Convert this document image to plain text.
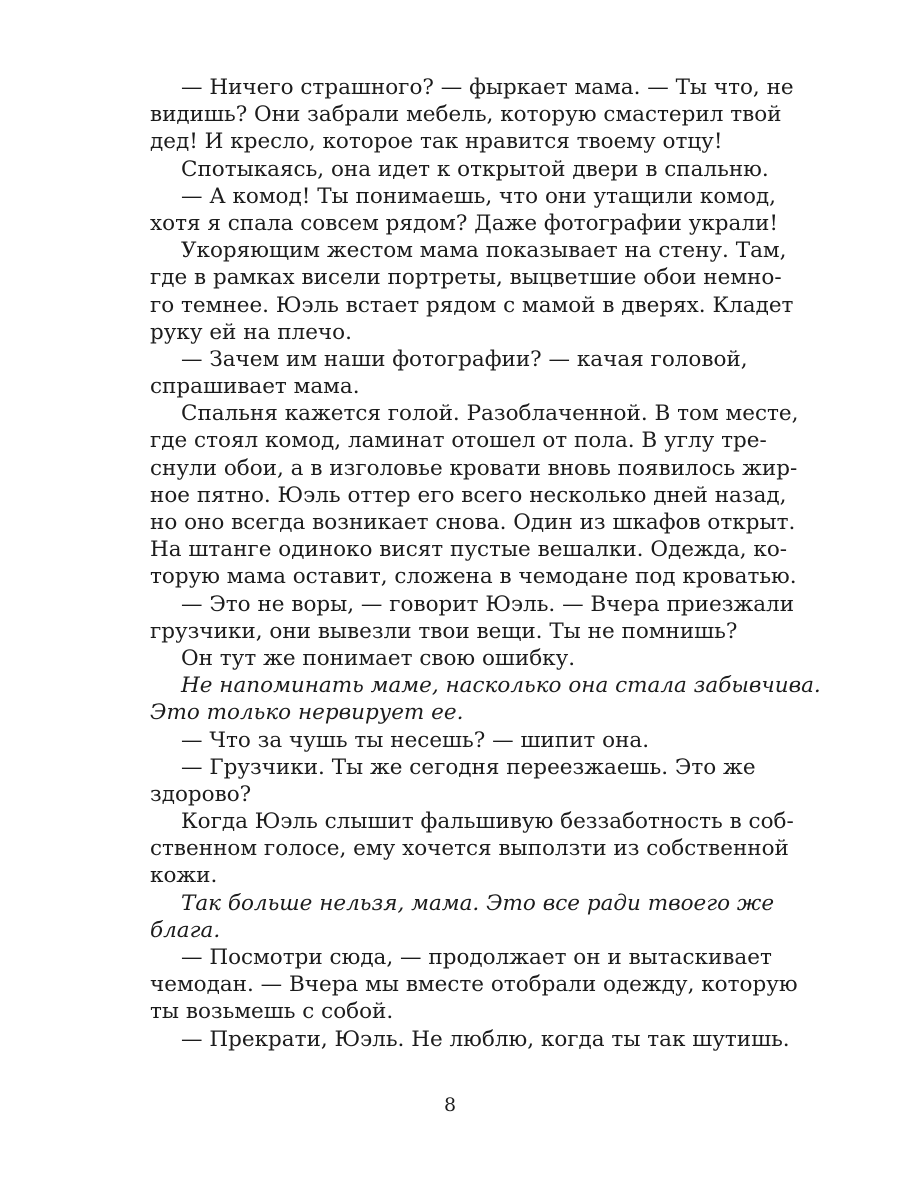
— Ничего страшного? — фыркает мама. — Ты что, не
видишь? Они забрали мебель, которую смастерил твой
дед! И кресло, которое так нравится твоему отцу!
Спотыкаясь, она идет к открытой двери в спальню.
— А комод! Ты понимаешь, что они утащили комод,
хотя я спала совсем рядом? Даже фотографии украли!
Укоряющим жестом мама показывает на стену. Там,
где в рамках висели портреты, выцветшие обои немно-
го темнее. Юэль встает рядом с мамой в дверях. Кладет
руку ей на плечо.
— Зачем им наши фотографии? — качая головой,
спрашивает мама.
Спальня кажется голой. Разоблаченной. В том месте,
где стоял комод, ламинат отошел от пола. В углу тре-
снули обои, а в изголовье кровати вновь появилось жир-
ное пятно. Юэль оттер его всего несколько дней назад,
но оно всегда возникает снова. Один из шкафов открыт.
На штанге одиноко висят пустые вешалки. Одежда, ко-
торую мама оставит, сложена в чемодане под кроватью.
— Это не воры, — говорит Юэль. — Вчера приезжали
грузчики, они вывезли твои вещи. Ты не помнишь?
Он тут же понимает свою ошибку.
Не напоминать маме, насколько она стала забывчива.
Это только нервирует ее.
— Что за чушь ты несешь? — шипит она.
— Грузчики. Ты же сегодня переезжаешь. Это же
здорово?
Когда Юэль слышит фальшивую беззаботность в соб-
ственном голосе, ему хочется выползти из собственной
кожи.
Так больше нельзя, мама. Это все ради твоего же
блага.
— Посмотри сюда, — продолжает он и вытаскивает
чемодан. — Вчера мы вместе отобрали одежду, которую
ты возьмешь с собой.
— Прекрати, Юэль. Не люблю, когда ты так шутишь.
8
